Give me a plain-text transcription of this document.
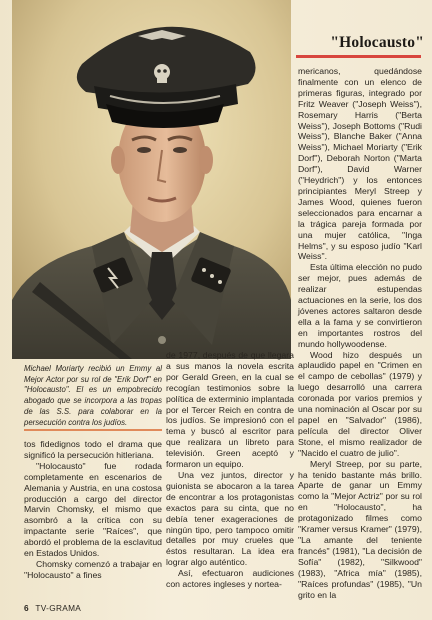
"Holocausto"
Michael Moriarty recibió un Emmy al Mejor Actor por su rol de "Erik Dorf" en "Holocausto". El es un empobrecido abogado que se incorpora a las tropas de las S.S. para colaborar en la persecución contra los judíos.

tos fidedignos todo el drama que significó la persecución hitleriana.

"Holocausto" fue rodada completamente en escenarios de Alemania y Austria, en una costosa producción a cargo del director Marvin Chomsky, el mismo que asombró a la crítica con su impactante serie "Raíces", que abordó el problema de la esclavitud en Estados Unidos.

Chomsky comenzó a trabajar en "Holocausto" a fines

de 1977, después de que llegara a sus manos la novela escrita por Gerald Green, en la cual se recogían testimonios sobre la política de exterminio implantada por el Tercer Reich en contra de los judíos. Se impresionó con el tema y buscó al escritor para que realizara un libreto para televisión. Green aceptó y formaron un equipo.

Una vez juntos, director y guionista se abocaron a la tarea de encontrar a los protagonistas exactos para su cinta, que no debía tener exageraciones de ningún tipo, pero tampoco omitir detalles por muy crueles que éstos resultaran. La idea era lograr algo auténtico.

Así, efectuaron audiciones con actores ingleses y nortea-

mericanos, quedándose finalmente con un elenco de primeras figuras, integrado por Fritz Weaver ("Joseph Weiss"), Rosemary Harris ("Berta Weiss"), Joseph Bottoms ("Rudi Weiss"), Blanche Baker ("Anna Weiss"), Michael Moriarty ("Erik Dorf"), Deborah Norton ("Marta Dorf"), David Warner ("Heydrich") y los entonces principiantes Meryl Streep y James Wood, quienes fueron seleccionados para encarnar a la trágica pareja formada por una mujer católica, "Inga Helms", y su esposo judío "Karl Weiss".

Esta última elección no pudo ser mejor, pues además de realizar estupendas actuaciones en la serie, los dos jóvenes actores saltaron desde ella a la fama y se convirtieron en importantes rostros del mundo hollywoodense.

Wood hizo después un aplaudido papel en "Crimen en el campo de cebollas" (1979) y luego desarrolló una carrera coronada por varios premios y una nominación al Oscar por su papel en "Salvador" (1986), película del director Oliver Stone, el mismo realizador de "Nacido el cuatro de julio".

Meryl Streep, por su parte, ha tenido bastante más brillo. Aparte de ganar un Emmy como la "Mejor Actriz" por su rol en "Holocausto", ha protagonizado filmes como "Kramer versus Kramer" (1979), "La amante del teniente francés" (1981), "La decisión de Sofía" (1982), "Silkwood" (1983), "Africa mía" (1985), "Raíces profundas" (1985), "Un grito en la

6 TV-GRAMA
